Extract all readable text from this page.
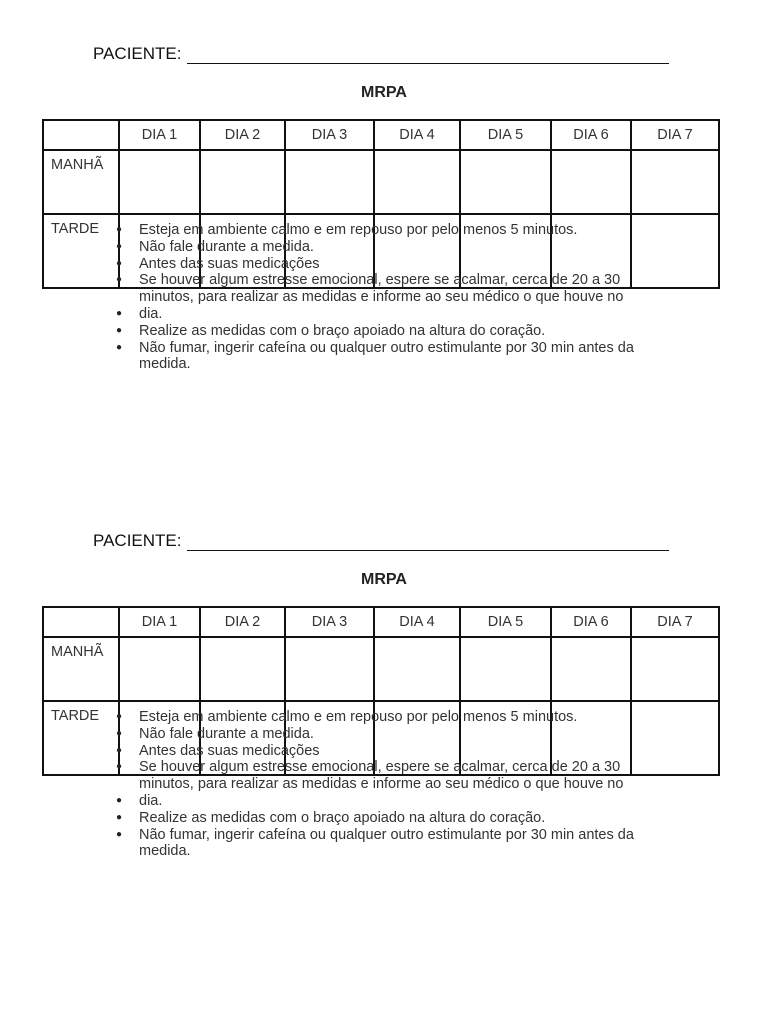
PACIENTE:
MRPA
	DIA 1	DIA 2	DIA 3	DIA 4	DIA 5	DIA 6	DIA 7
MANHÃ							
TARDE								● Esteja em ambiente calmo e em repouso por pelo menos 5 minutos.
● Não fale durante a medida.
● Antes das suas medicações
● Se houver algum estresse emocional, espere se acalmar, cerca de 20 a 30 minutos, para realizar as medidas e informe ao seu médico o que houve no
● dia.
● Realize as medidas com o braço apoiado na altura do coração.
● Não fumar, ingerir cafeína ou qualquer outro estimulante por 30 min antes da medida.
PACIENTE:
MRPA
	DIA 1	DIA 2	DIA 3	DIA 4	DIA 5	DIA 6	DIA 7
MANHÃ							
TARDE								● Esteja em ambiente calmo e em repouso por pelo menos 5 minutos.
● Não fale durante a medida.
● Antes das suas medicações
● Se houver algum estresse emocional, espere se acalmar, cerca de 20 a 30 minutos, para realizar as medidas e informe ao seu médico o que houve no
● dia.
● Realize as medidas com o braço apoiado na altura do coração.
● Não fumar, ingerir cafeína ou qualquer outro estimulante por 30 min antes da medida.
